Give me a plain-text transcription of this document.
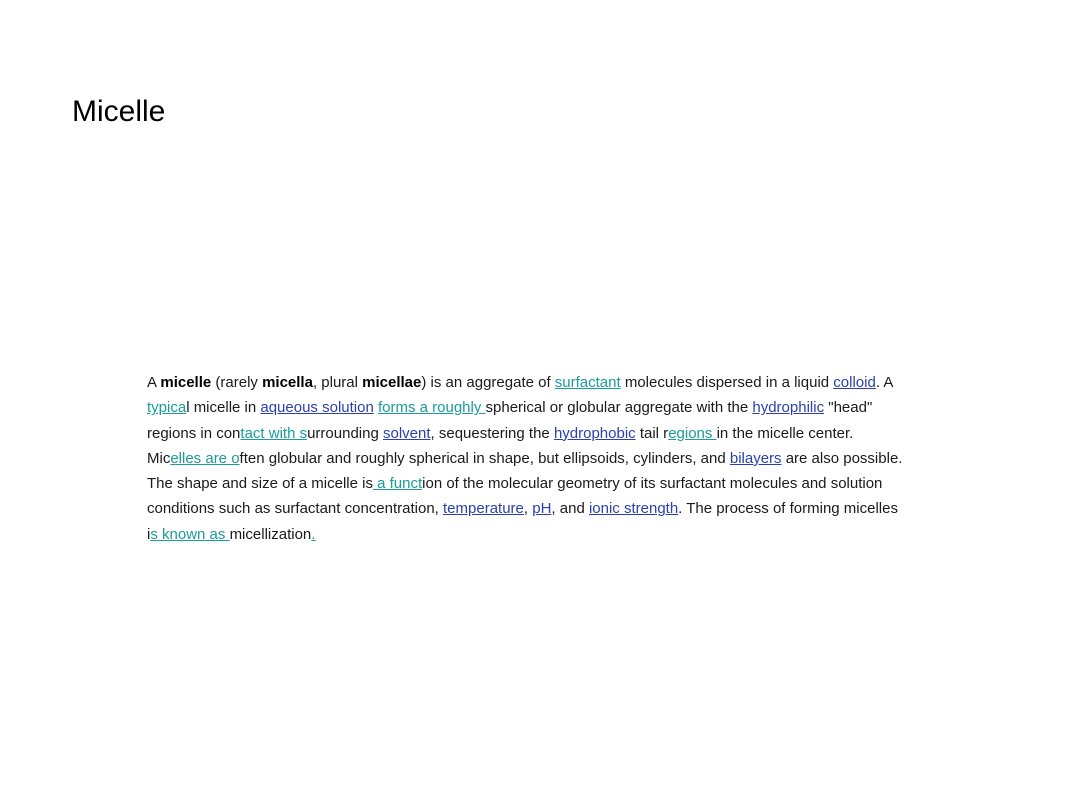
Micelle

A micelle (rarely micella, plural micellae) is an aggregate of surfactant molecules dispersed in a liquid colloid. A typical micelle in aqueous solution forms a roughly spherical or globular aggregate with the hydrophilic "head" regions in contact with surrounding solvent, sequestering the hydrophobic tail regions in the micelle center. Micelles are often globular and roughly spherical in shape, but ellipsoids, cylinders, and bilayers are also possible. The shape and size of a micelle is a function of the molecular geometry of its surfactant molecules and solution conditions such as surfactant concentration, temperature, pH, and ionic strength. The process of forming micelles is known as micellization.
